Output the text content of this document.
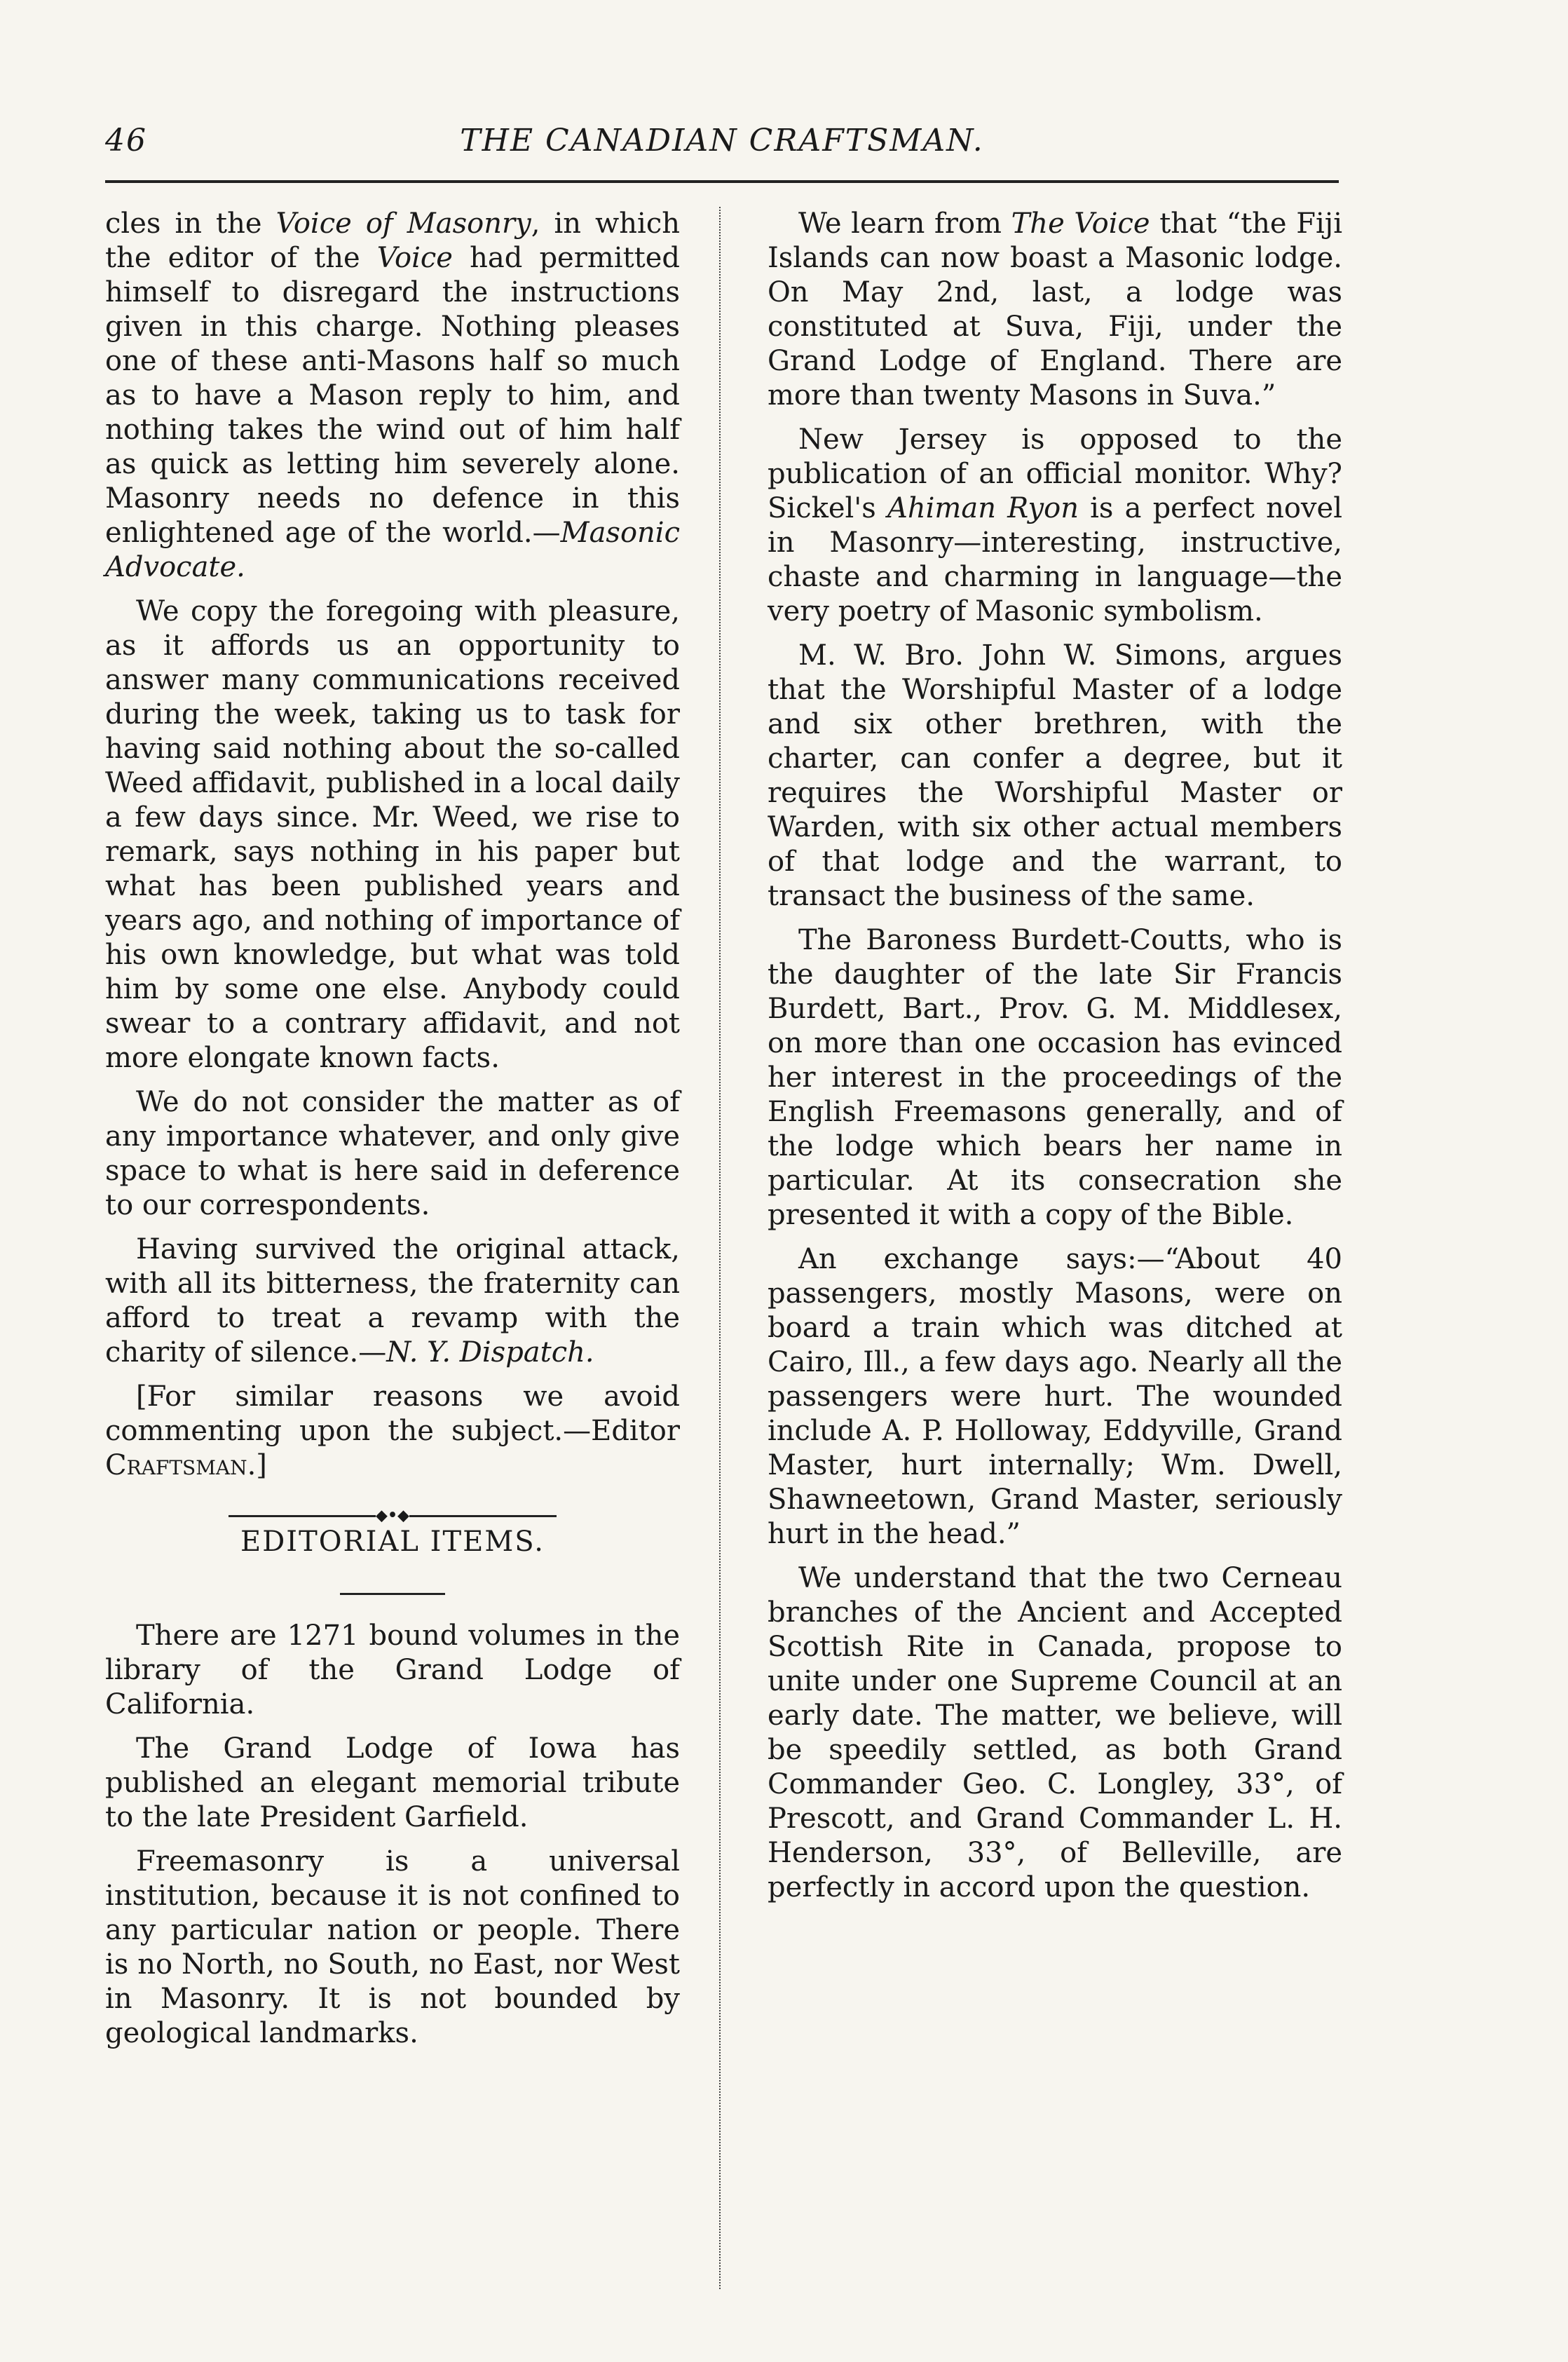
46	THE CANADIAN CRAFTSMAN.

cles in the Voice of Masonry, in which the editor of the Voice had permitted himself to disregard the instructions given in this charge. Nothing pleases one of these anti-Masons half so much as to have a Mason reply to him, and nothing takes the wind out of him half as quick as letting him severely alone. Masonry needs no defence in this enlightened age of the world.—Masonic Advocate.

We copy the foregoing with pleasure, as it affords us an opportunity to answer many communications received during the week, taking us to task for having said nothing about the so-called Weed affidavit, published in a local daily a few days since. Mr. Weed, we rise to remark, says nothing in his paper but what has been published years and years ago, and nothing of importance of his own knowledge, but what was told him by some one else. Anybody could swear to a contrary affidavit, and not more elongate known facts.

We do not consider the matter as of any importance whatever, and only give space to what is here said in deference to our correspondents.

Having survived the original attack, with all its bitterness, the fraternity can afford to treat a revamp with the charity of silence.—N. Y. Dispatch.

[For similar reasons we avoid commenting upon the subject.—Editor Craftsman.]

◆•◆
EDITORIAL ITEMS.

There are 1271 bound volumes in the library of the Grand Lodge of California.

The Grand Lodge of Iowa has published an elegant memorial tribute to the late President Garfield.

Freemasonry is a universal institution, because it is not confined to any particular nation or people. There is no North, no South, no East, nor West in Masonry. It is not bounded by geological landmarks.

We learn from The Voice that “the Fiji Islands can now boast a Masonic lodge. On May 2nd, last, a lodge was constituted at Suva, Fiji, under the Grand Lodge of England. There are more than twenty Masons in Suva.”

New Jersey is opposed to the publication of an official monitor. Why? Sickel's Ahiman Ryon is a perfect novel in Masonry—interesting, instructive, chaste and charming in language—the very poetry of Masonic symbolism.

M. W. Bro. John W. Simons, argues that the Worshipful Master of a lodge and six other brethren, with the charter, can confer a degree, but it requires the Worshipful Master or Warden, with six other actual members of that lodge and the warrant, to transact the business of the same.

The Baroness Burdett-Coutts, who is the daughter of the late Sir Francis Burdett, Bart., Prov. G. M. Middlesex, on more than one occasion has evinced her interest in the proceedings of the English Freemasons generally, and of the lodge which bears her name in particular. At its consecration she presented it with a copy of the Bible.

An exchange says:—“About 40 passengers, mostly Masons, were on board a train which was ditched at Cairo, Ill., a few days ago. Nearly all the passengers were hurt. The wounded include A. P. Holloway, Eddyville, Grand Master, hurt internally; Wm. Dwell, Shawneetown, Grand Master, seriously hurt in the head.”

We understand that the two Cerneau branches of the Ancient and Accepted Scottish Rite in Canada, propose to unite under one Supreme Council at an early date. The matter, we believe, will be speedily settled, as both Grand Commander Geo. C. Longley, 33°, of Prescott, and Grand Commander L. H. Henderson, 33°, of Belleville, are perfectly in accord upon the question.
